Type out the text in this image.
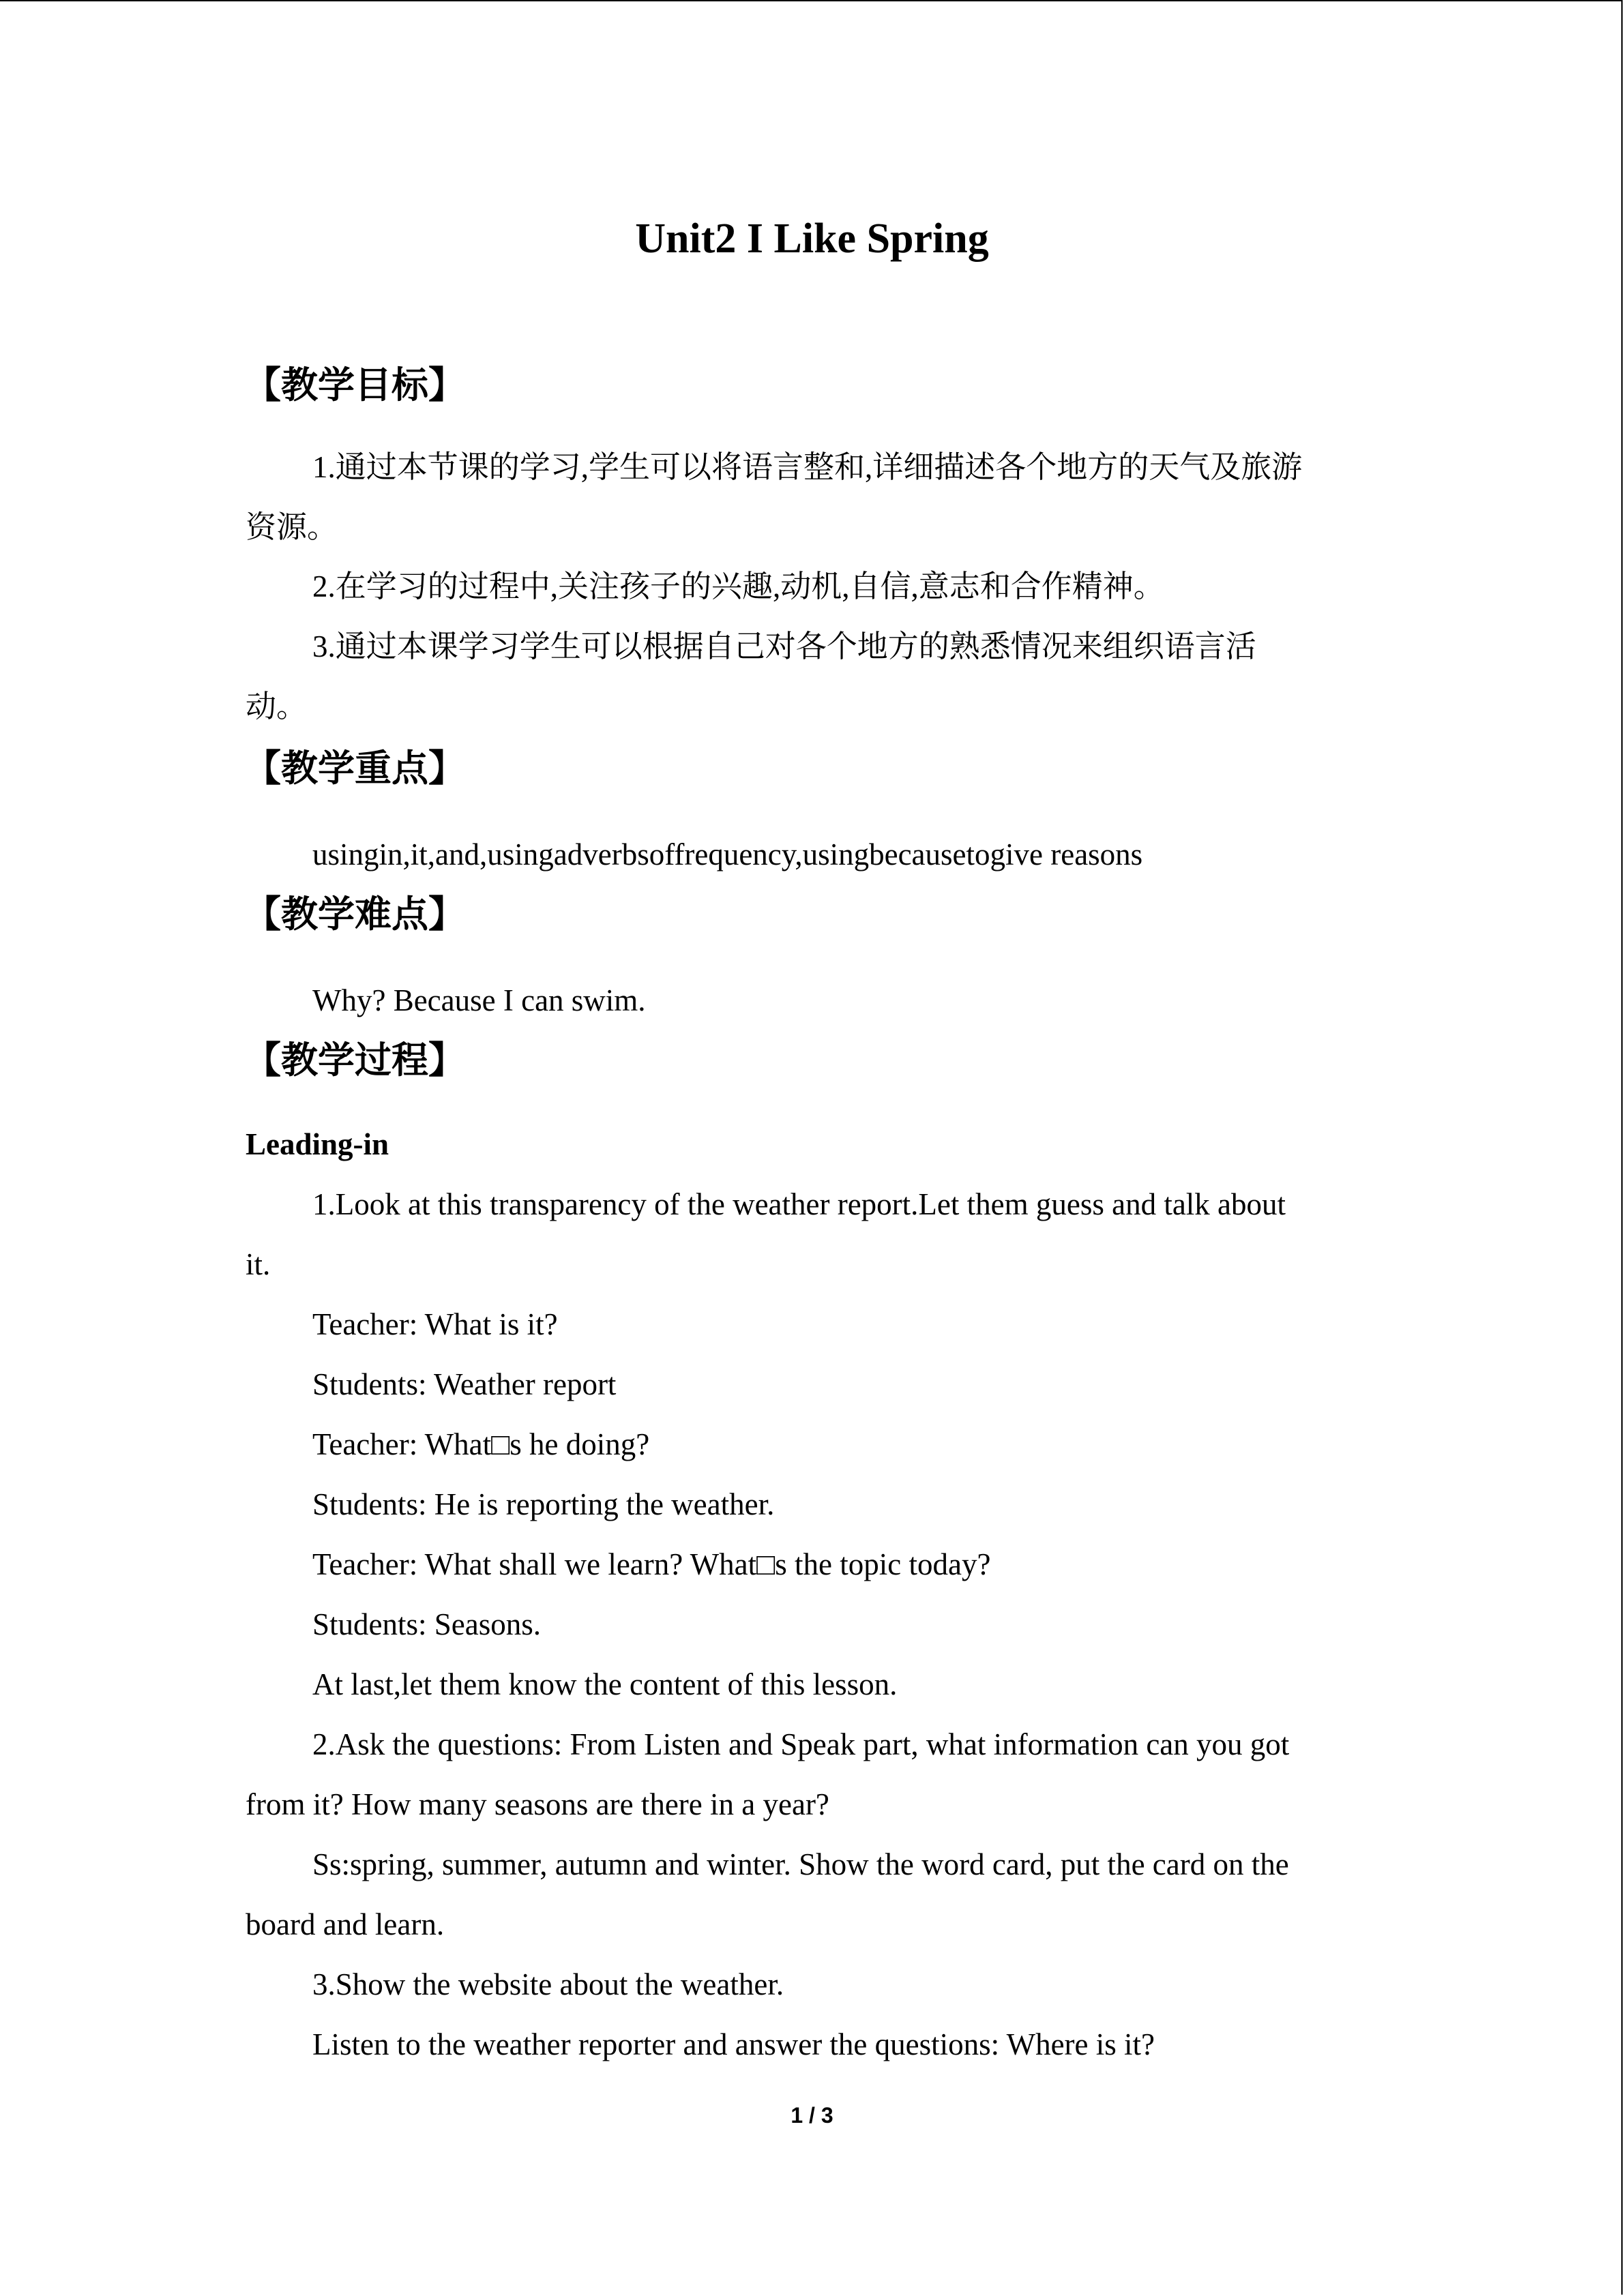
Unit2 I Like Spring
【教学目标】
1.通过本节课的学习,学生可以将语言整和,详细描述各个地方的天气及旅游
资源。
2.在学习的过程中,关注孩子的兴趣,动机,自信,意志和合作精神。
3.通过本课学习学生可以根据自己对各个地方的熟悉情况来组织语言活
动。
【教学重点】
usingin,it,and,usingadverbsoffrequency,usingbecausetogive reasons
【教学难点】
Why? Because I can swim.
【教学过程】
Leading-in
1.Look at this transparency of the weather report.Let them guess and talk about
it.
Teacher: What is it?
Students: Weather report
Teacher: What□s he doing?
Students: He is reporting the weather.
Teacher: What shall we learn? What□s the topic today?
Students: Seasons.
At last,let them know the content of this lesson.
2.Ask the questions: From Listen and Speak part, what information can you got
from it? How many seasons are there in a year?
Ss:spring, summer, autumn and winter. Show the word card, put the card on the
board and learn.
3.Show the website about the weather.
Listen to the weather reporter and answer the questions: Where is it?
1 / 3
